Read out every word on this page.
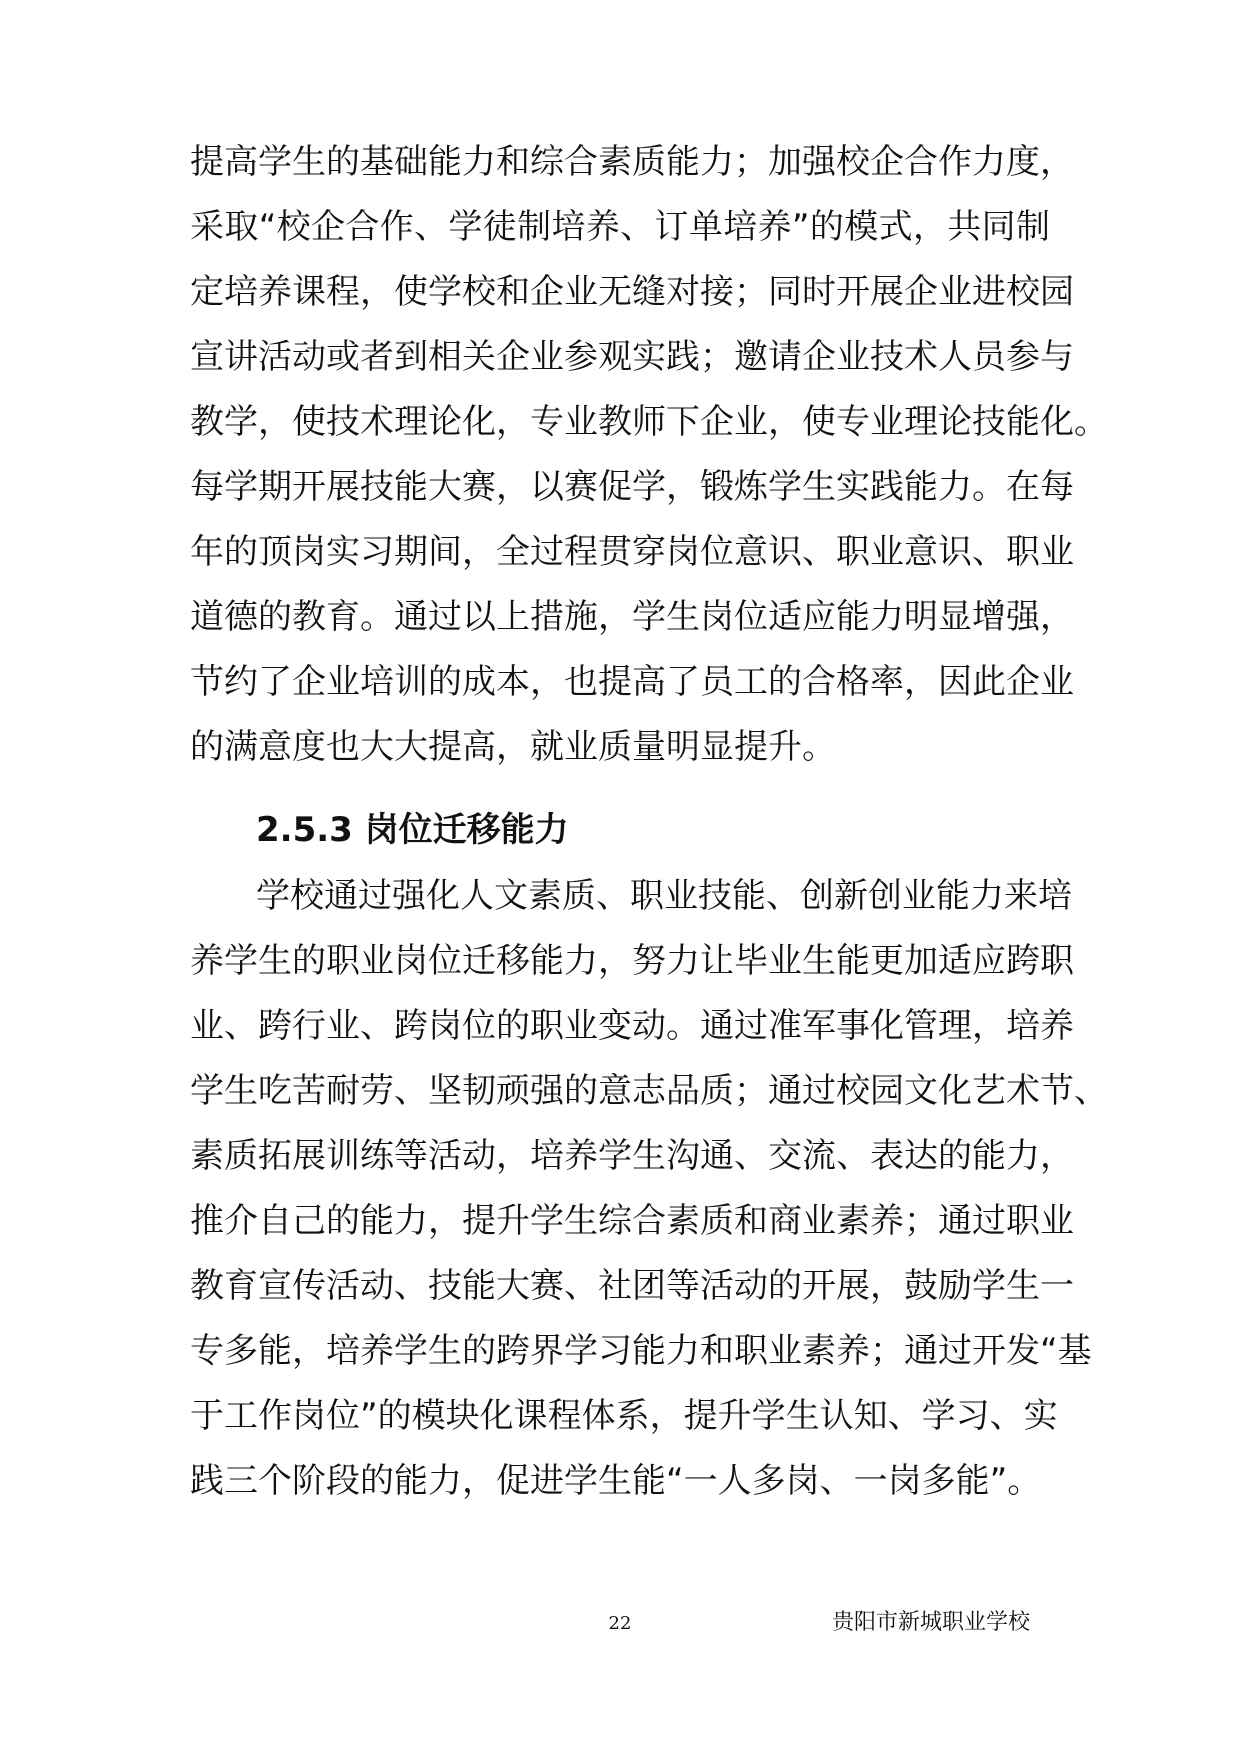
提高学生的基础能力和综合素质能力；加强校企合作力度，
采取“校企合作、学徒制培养、订单培养”的模式，共同制
定培养课程，使学校和企业无缝对接；同时开展企业进校园
宣讲活动或者到相关企业参观实践；邀请企业技术人员参与
教学，使技术理论化，专业教师下企业，使专业理论技能化。
每学期开展技能大赛，以赛促学，锻炼学生实践能力。在每
年的顶岗实习期间，全过程贯穿岗位意识、职业意识、职业
道德的教育。通过以上措施，学生岗位适应能力明显增强，
节约了企业培训的成本，也提高了员工的合格率，因此企业
的满意度也大大提高，就业质量明显提升。
2.5.3 岗位迁移能力
学校通过强化人文素质、职业技能、创新创业能力来培
养学生的职业岗位迁移能力，努力让毕业生能更加适应跨职
业、跨行业、跨岗位的职业变动。通过准军事化管理，培养
学生吃苦耐劳、坚韧顽强的意志品质；通过校园文化艺术节、
素质拓展训练等活动，培养学生沟通、交流、表达的能力，
推介自己的能力，提升学生综合素质和商业素养；通过职业
教育宣传活动、技能大赛、社团等活动的开展，鼓励学生一
专多能，培养学生的跨界学习能力和职业素养；通过开发“基
于工作岗位”的模块化课程体系，提升学生认知、学习、实
践三个阶段的能力，促进学生能“一人多岗、一岗多能”。
22	贵阳市新城职业学校
